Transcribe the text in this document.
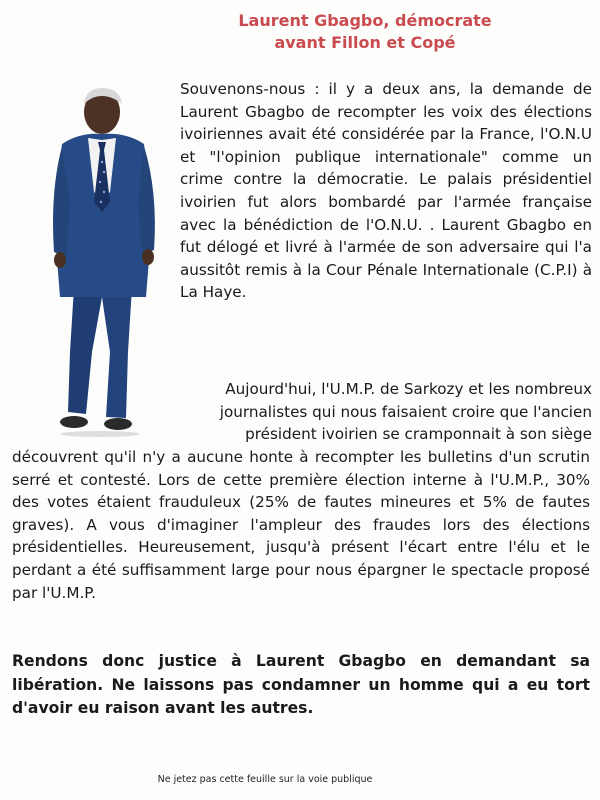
Laurent Gbagbo, démocrate
avant Fillon et Copé

Souvenons-nous : il y a deux ans, la demande de Laurent Gbagbo de recompter les voix des élections ivoiriennes avait été considérée par la France, l'O.N.U et "l'opinion publique internationale" comme un crime contre la démocratie. Le palais présidentiel ivoirien fut alors bombardé par l'armée française avec la bénédiction de l'O.N.U. . Laurent Gbagbo en fut délogé et livré à l'armée de son adversaire qui l'a aussitôt remis à la Cour Pénale Internationale (C.P.I) à La Haye.

Aujourd'hui, l'U.M.P. de Sarkozy et les nombreux journalistes qui nous faisaient croire que l'ancien président ivoirien se cramponnait à son siège

découvrent qu'il n'y a aucune honte à recompter les bulletins d'un scrutin serré et contesté. Lors de cette première élection interne à l'U.M.P., 30% des votes étaient frauduleux (25% de fautes mineures et 5% de fautes graves). A vous d'imaginer l'ampleur des fraudes lors des élections présidentielles. Heureusement, jusqu'à présent l'écart entre l'élu et le perdant a été suffisamment large pour nous épargner le spectacle proposé par l'U.M.P.

Rendons donc justice à Laurent Gbagbo en demandant sa libération. Ne laissons pas condamner un homme qui a eu tort d'avoir eu raison avant les autres.

Ne jetez pas cette feuille sur la voie publique
